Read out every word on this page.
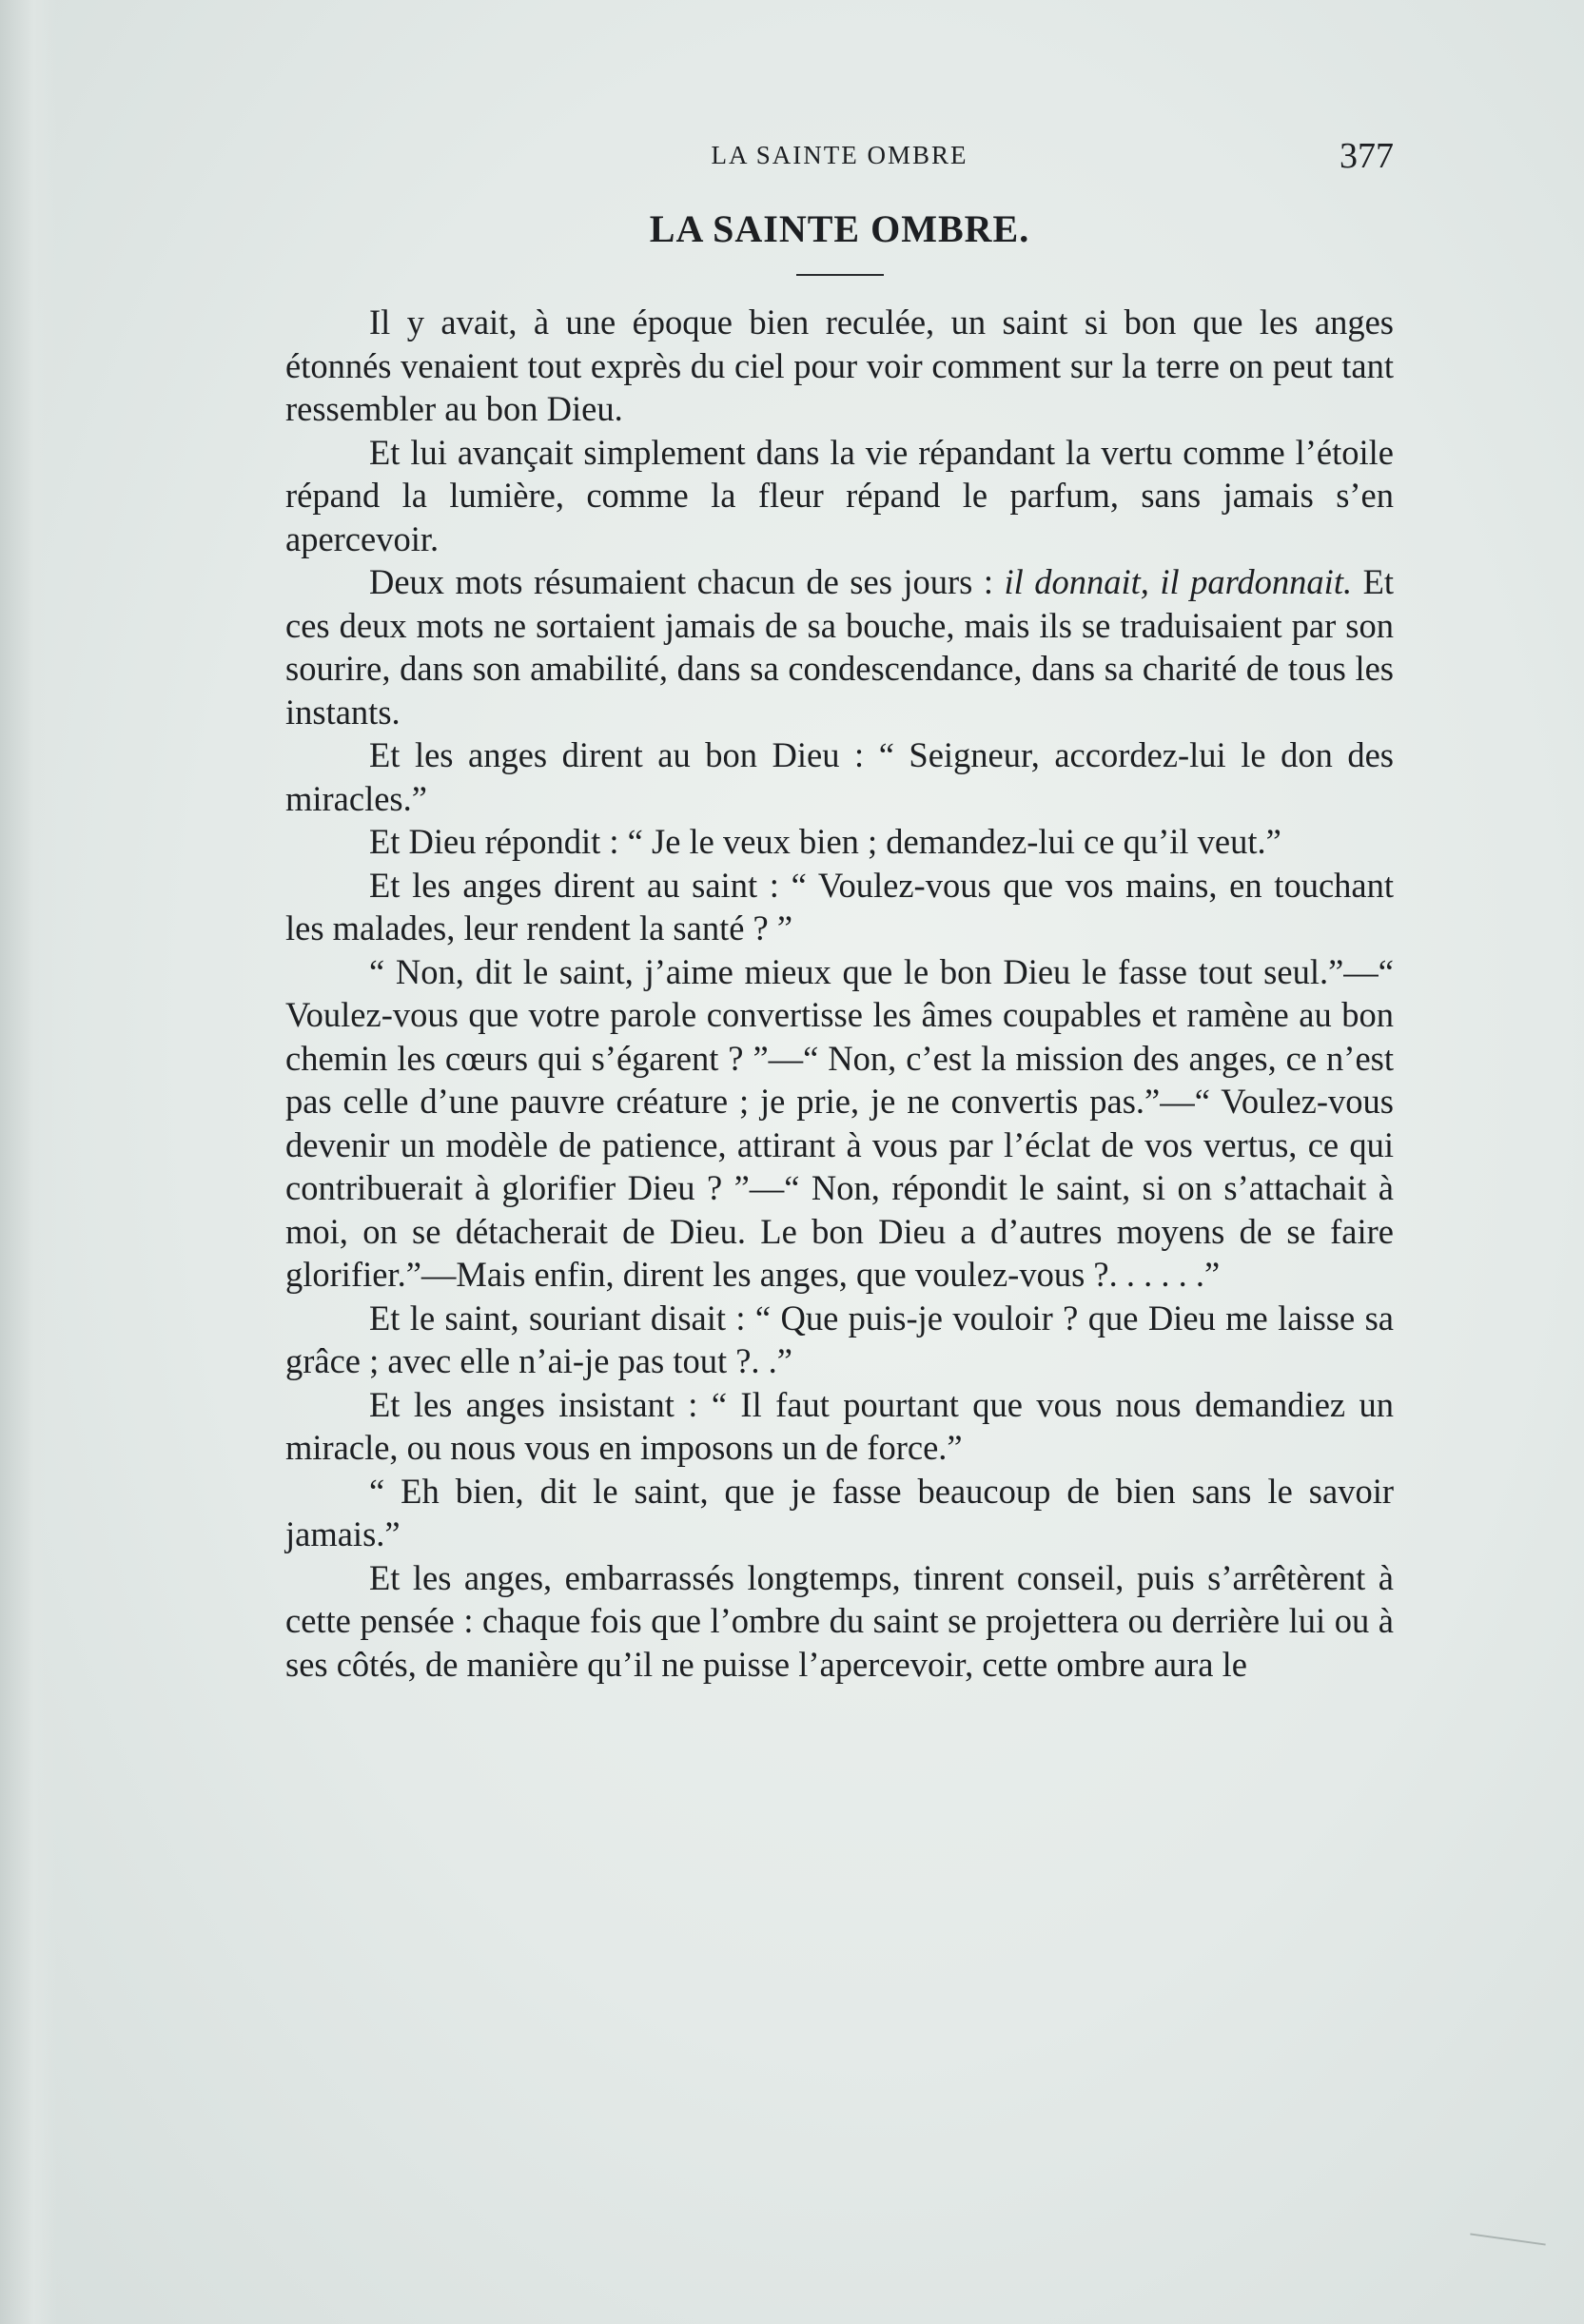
LA SAINTE OMBRE	377
LA SAINTE OMBRE.

Il y avait, à une époque bien reculée, un saint si bon que les anges étonnés venaient tout exprès du ciel pour voir comment sur la terre on peut tant ressembler au bon Dieu.

Et lui avançait simplement dans la vie répandant la vertu comme l’étoile répand la lumière, comme la fleur répand le parfum, sans jamais s’en apercevoir.

Deux mots résumaient chacun de ses jours : il donnait, il pardonnait. Et ces deux mots ne sortaient jamais de sa bouche, mais ils se traduisaient par son sourire, dans son amabilité, dans sa condescendance, dans sa charité de tous les instants.

Et les anges dirent au bon Dieu : “ Seigneur, accordez-lui le don des miracles.”

Et Dieu répondit : “ Je le veux bien ; demandez-lui ce qu’il veut.”

Et les anges dirent au saint : “ Voulez-vous que vos mains, en touchant les malades, leur rendent la santé ? ”

“ Non, dit le saint, j’aime mieux que le bon Dieu le fasse tout seul.”—“ Voulez-vous que votre parole convertisse les âmes coupables et ramène au bon chemin les cœurs qui s’égarent ? ”—“ Non, c’est la mission des anges, ce n’est pas celle d’une pauvre créature ; je prie, je ne convertis pas.”—“ Voulez-vous devenir un modèle de patience, attirant à vous par l’éclat de vos vertus, ce qui contribuerait à glorifier Dieu ? ”—“ Non, répondit le saint, si on s’attachait à moi, on se détacherait de Dieu. Le bon Dieu a d’autres moyens de se faire glorifier.”—Mais enfin, dirent les anges, que voulez-vous ?. . . . . .”

Et le saint, souriant disait : “ Que puis-je vouloir ? que Dieu me laisse sa grâce ; avec elle n’ai-je pas tout ?. .”

Et les anges insistant : “ Il faut pourtant que vous nous demandiez un miracle, ou nous vous en imposons un de force.”

“ Eh bien, dit le saint, que je fasse beaucoup de bien sans le savoir jamais.”

Et les anges, embarrassés longtemps, tinrent conseil, puis s’arrêtèrent à cette pensée : chaque fois que l’ombre du saint se projettera ou derrière lui ou à ses côtés, de manière qu’il ne puisse l’apercevoir, cette ombre aura le
